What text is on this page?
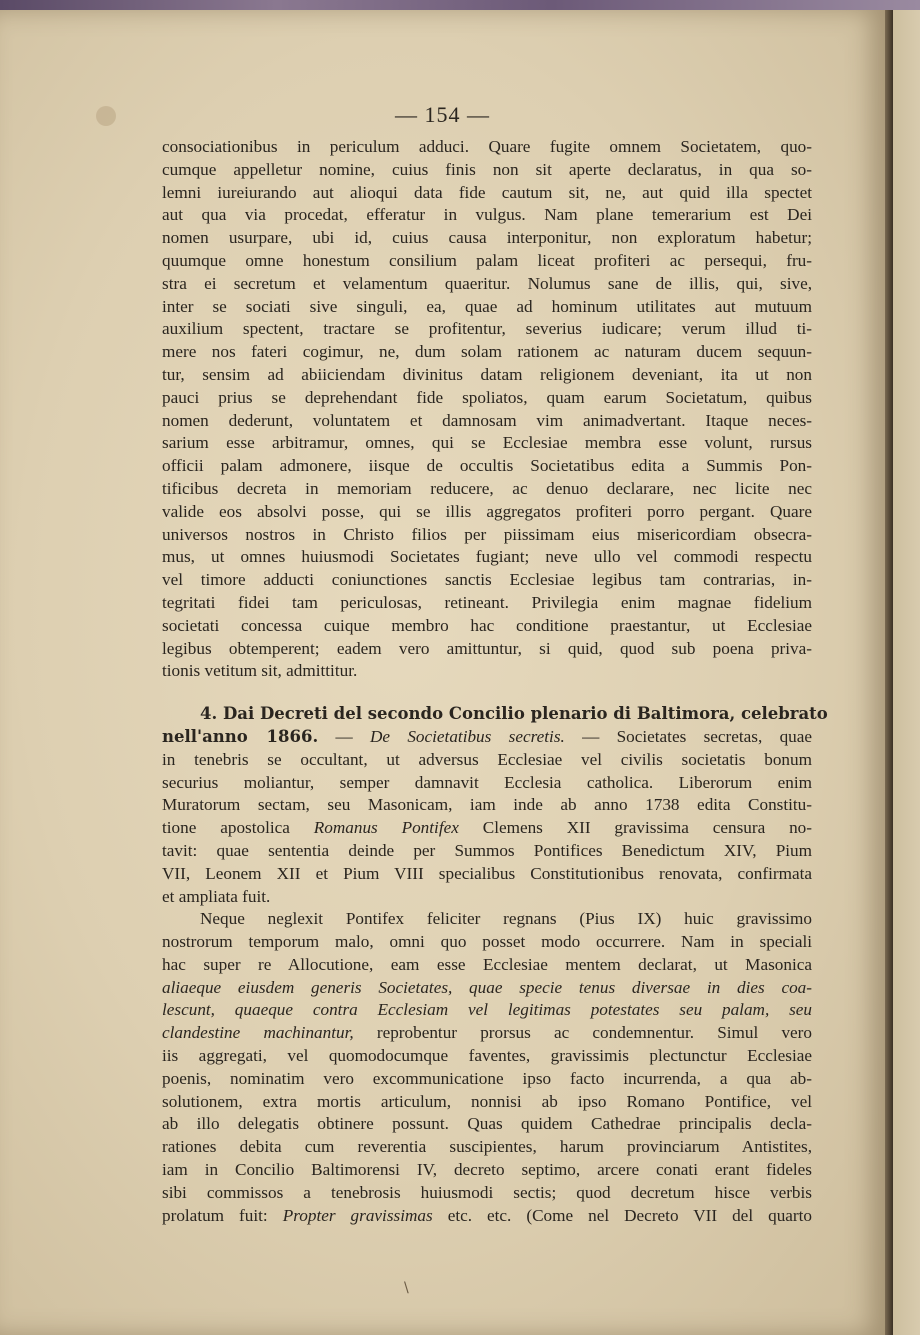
— 154 —
consociationibus in periculum adduci. Quare fugite omnem Societatem, quo-
cumque appelletur nomine, cuius finis non sit aperte declaratus, in qua so-
lemni iureiurando aut alioqui data fide cautum sit, ne, aut quid illa spectet
aut qua via procedat, efferatur in vulgus. Nam plane temerarium est Dei
nomen usurpare, ubi id, cuius causa interponitur, non exploratum habetur;
quumque omne honestum consilium palam liceat profiteri ac persequi, fru-
stra ei secretum et velamentum quaeritur. Nolumus sane de illis, qui, sive,
inter se sociati sive singuli, ea, quae ad hominum utilitates aut mutuum
auxilium spectent, tractare se profitentur, severius iudicare; verum illud ti-
mere nos fateri cogimur, ne, dum solam rationem ac naturam ducem sequun-
tur, sensim ad abiiciendam divinitus datam religionem deveniant, ita ut non
pauci prius se deprehendant fide spoliatos, quam earum Societatum, quibus
nomen dederunt, voluntatem et damnosam vim animadvertant. Itaque neces-
sarium esse arbitramur, omnes, qui se Ecclesiae membra esse volunt, rursus
officii palam admonere, iisque de occultis Societatibus edita a Summis Pon-
tificibus decreta in memoriam reducere, ac denuo declarare, nec licite nec
valide eos absolvi posse, qui se illis aggregatos profiteri porro pergant. Quare
universos nostros in Christo filios per piissimam eius misericordiam obsecra-
mus, ut omnes huiusmodi Societates fugiant; neve ullo vel commodi respectu
vel timore adducti coniunctiones sanctis Ecclesiae legibus tam contrarias, in-
tegritati fidei tam periculosas, retineant. Privilegia enim magnae fidelium
societati concessa cuique membro hac conditione praestantur, ut Ecclesiae
legibus obtemperent; eadem vero amittuntur, si quid, quod sub poena priva-
tionis vetitum sit, admittitur.
4. Dai Decreti del secondo Concilio plenario di Baltimora, celebrato
nell'anno 1866. — De Societatibus secretis. — Societates secretas, quae
in tenebris se occultant, ut adversus Ecclesiae vel civilis societatis bonum
securius moliantur, semper damnavit Ecclesia catholica. Liberorum enim
Muratorum sectam, seu Masonicam, iam inde ab anno 1738 edita Constitu-
tione apostolica Romanus Pontifex Clemens XII gravissima censura no-
tavit: quae sententia deinde per Summos Pontifices Benedictum XIV, Pium
VII, Leonem XII et Pium VIII specialibus Constitutionibus renovata, confirmata
et ampliata fuit.
Neque neglexit Pontifex feliciter regnans (Pius IX) huic gravissimo
nostrorum temporum malo, omni quo posset modo occurrere. Nam in speciali
hac super re Allocutione, eam esse Ecclesiae mentem declarat, ut Masonica
aliaeque eiusdem generis Societates, quae specie tenus diversae in dies coa-
lescunt, quaeque contra Ecclesiam vel legitimas potestates seu palam, seu
clandestine machinantur, reprobentur prorsus ac condemnentur. Simul vero
iis aggregati, vel quomodocumque faventes, gravissimis plectunctur Ecclesiae
poenis, nominatim vero excommunicatione ipso facto incurrenda, a qua ab-
solutionem, extra mortis articulum, nonnisi ab ipso Romano Pontifice, vel
ab illo delegatis obtinere possunt. Quas quidem Cathedrae principalis decla-
rationes debita cum reverentia suscipientes, harum provinciarum Antistites,
iam in Concilio Baltimorensi IV, decreto septimo, arcere conati erant fideles
sibi commissos a tenebrosis huiusmodi sectis; quod decretum hisce verbis
prolatum fuit: Propter gravissimas etc. etc. (Come nel Decreto VII del quarto
\
